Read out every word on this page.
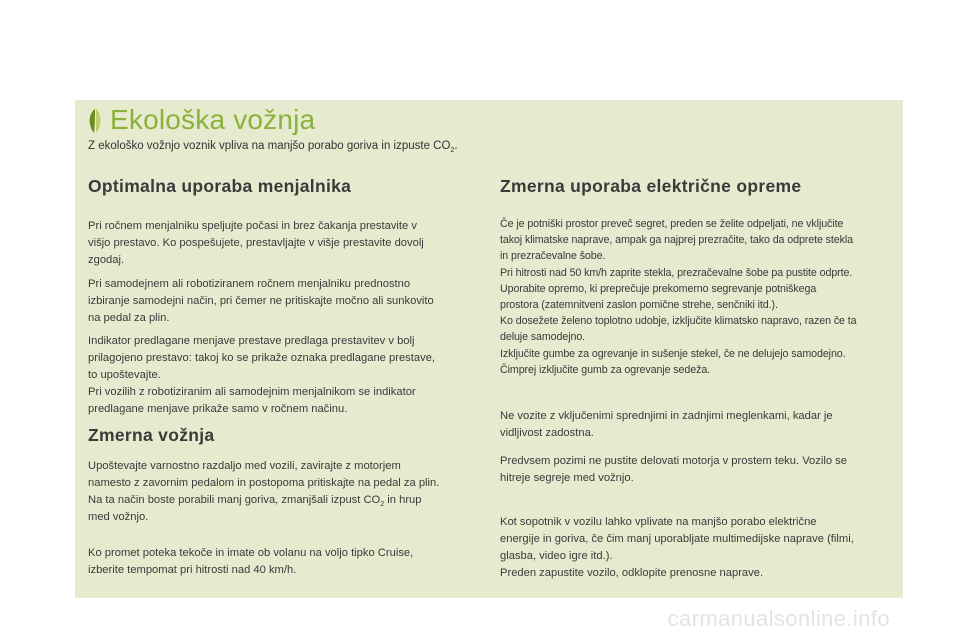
Ekološka vožnja
Z ekološko vožnjo voznik vpliva na manjšo porabo goriva in izpuste $CO_2$.
Optimalna uporaba menjalnika

Pri ročnem menjalniku speljujte počasi in brez čakanja prestavite v
višjo prestavo. Ko pospešujete, prestavljajte v višje prestavite dovolj
zgodaj.

Pri samodejnem ali robotiziranem ročnem menjalniku prednostno
izbiranje samodejni način, pri čemer ne pritiskajte močno ali sunkovito
na pedal za plin.

Indikator predlagane menjave prestave predlaga prestavitev v bolj
prilagojeno prestavo: takoj ko se prikaže oznaka predlagane prestave,
to upoštevajte.
Pri vozilih z robotiziranim ali samodejnim menjalnikom se indikator
predlagane menjave prikaže samo v ročnem načinu.

Zmerna vožnja

Upoštevajte varnostno razdaljo med vozili, zavirajte z motorjem
namesto z zavornim pedalom in postopoma pritiskajte na pedal za plin.
Na ta način boste porabili manj goriva, zmanjšali izpust $CO_2$ in hrup
med vožnjo.

Ko promet poteka tekoče in imate ob volanu na voljo tipko Cruise,
izberite tempomat pri hitrosti nad 40 km/h.

Zmerna uporaba električne opreme

Če je potniški prostor preveč segret, preden se želite odpeljati, ne vključite
takoj klimatske naprave, ampak ga najprej prezračite, tako da odprete stekla
in prezračevalne šobe.
Pri hitrosti nad 50 km/h zaprite stekla, prezračevalne šobe pa pustite odprte.
Uporabite opremo, ki preprečuje prekomerno segrevanje potniškega
prostora (zatemnitveni zaslon pomične strehe, senčniki itd.).
Ko dosežete želeno toplotno udobje, izključite klimatsko napravo, razen če ta
deluje samodejno.
Izključite gumbe za ogrevanje in sušenje stekel, če ne delujejo samodejno.
Čimprej izključite gumb za ogrevanje sedeža.

Ne vozite z vključenimi sprednjimi in zadnjimi meglenkami, kadar je
vidljivost zadostna.

Predvsem pozimi ne pustite delovati motorja v prostem teku. Vozilo se
hitreje segreje med vožnjo.

Kot sopotnik v vozilu lahko vplivate na manjšo porabo električne
energije in goriva, če čim manj uporabljate multimedijske naprave (filmi,
glasba, video igre itd.).
Preden zapustite vozilo, odklopite prenosne naprave.

carmanualsonline.info
